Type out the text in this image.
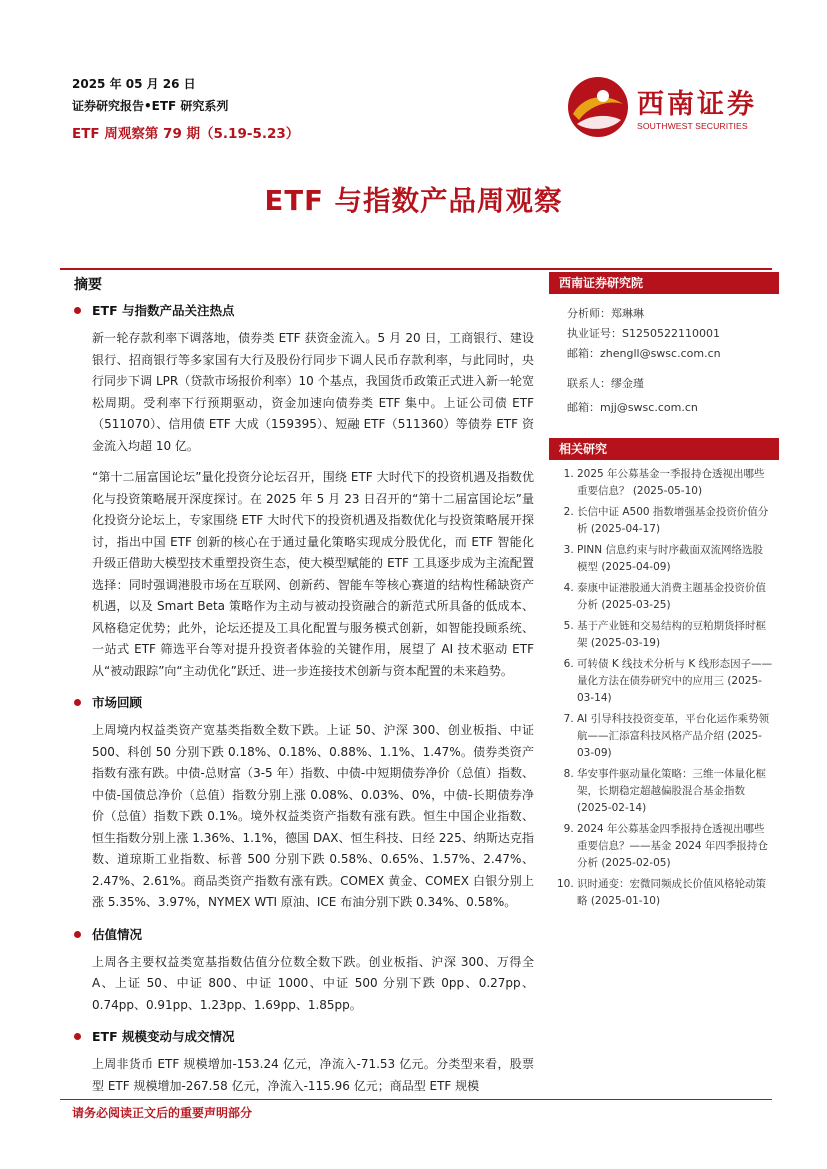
2025 年 05 月 26 日
证券研究报告•ETF 研究系列
ETF 周观察第 79 期（5.19-5.23）
西南证券
SOUTHWEST SECURITIES
ETF 与指数产品周观察
摘要
ETF 与指数产品关注热点

新一轮存款利率下调落地，债券类 ETF 获资金流入。5 月 20 日，工商银行、建设银行、招商银行等多家国有大行及股份行同步下调人民币存款利率，与此同时，央行同步下调 LPR（贷款市场报价利率）10 个基点，我国货币政策正式进入新一轮宽松周期。受利率下行预期驱动，资金加速向债券类 ETF 集中。上证公司债 ETF（511070）、信用债 ETF 大成（159395）、短融 ETF（511360）等债券 ETF 资金流入均超 10 亿。

“第十二届富国论坛”量化投资分论坛召开，围绕 ETF 大时代下的投资机遇及指数优化与投资策略展开深度探讨。在 2025 年 5 月 23 日召开的“第十二届富国论坛”量化投资分论坛上，专家围绕 ETF 大时代下的投资机遇及指数优化与投资策略展开探讨，指出中国 ETF 创新的核心在于通过量化策略实现成分股优化，而 ETF 智能化升级正借助大模型技术重塑投资生态，使大模型赋能的 ETF 工具逐步成为主流配置选择：同时强调港股市场在互联网、创新药、智能车等核心赛道的结构性稀缺资产机遇，以及 Smart Beta 策略作为主动与被动投资融合的新范式所具备的低成本、风格稳定优势；此外，论坛还提及工具化配置与服务模式创新，如智能投顾系统、一站式 ETF 筛选平台等对提升投资者体验的关键作用，展望了 AI 技术驱动 ETF 从“被动跟踪”向“主动优化”跃迁、进一步连接技术创新与资本配置的未来趋势。

市场回顾

上周境内权益类资产宽基类指数全数下跌。上证 50、沪深 300、创业板指、中证 500、科创 50 分别下跌 0.18%、0.18%、0.88%、1.1%、1.47%。债券类资产指数有涨有跌。中债-总财富（3-5 年）指数、中债-中短期债券净价（总值）指数、中债-国债总净价（总值）指数分别上涨 0.08%、0.03%、0%，中债-长期债券净价（总值）指数下跌 0.1%。境外权益类资产指数有涨有跌。恒生中国企业指数、恒生指数分别上涨 1.36%、1.1%，德国 DAX、恒生科技、日经 225、纳斯达克指数、道琼斯工业指数、标普 500 分别下跌 0.58%、0.65%、1.57%、2.47%、2.47%、2.61%。商品类资产指数有涨有跌。COMEX 黄金、COMEX 白银分别上涨 5.35%、3.97%，NYMEX WTI 原油、ICE 布油分别下跌 0.34%、0.58%。

估值情况

上周各主要权益类宽基指数估值分位数全数下跌。创业板指、沪深 300、万得全 A、上证 50、中证 800、中证 1000、中证 500 分别下跌 0pp、0.27pp、0.74pp、0.91pp、1.23pp、1.69pp、1.85pp。

ETF 规模变动与成交情况

上周非货币 ETF 规模增加-153.24 亿元，净流入-71.53 亿元。分类型来看，股票型 ETF 规模增加-267.58 亿元，净流入-115.96 亿元；商品型 ETF 规模

西南证券研究院
分析师：郑琳琳
执业证号：S1250522110001
邮箱：zhengll@swsc.com.cn
联系人：缪金瑾
邮箱：mjj@swsc.com.cn
相关研究
1. 2025 年公募基金一季报持仓透视出哪些重要信息？ (2025-05-10)
2. 长信中证 A500 指数增强基金投资价值分析 (2025-04-17)
3. PINN 信息约束与时序截面双流网络选股模型 (2025-04-09)
4. 泰康中证港股通大消费主题基金投资价值分析 (2025-03-25)
5. 基于产业链和交易结构的豆粕期货择时框架 (2025-03-19)
6. 可转债 K 线技术分析与 K 线形态因子——量化方法在债券研究中的应用三 (2025-03-14)
7. AI 引导科技投资变革，平台化运作乘势领航——汇添富科技风格产品介绍 (2025-03-09)
8. 华安事件驱动量化策略：三维一体量化框架，长期稳定超越偏股混合基金指数 (2025-02-14)
9. 2024 年公募基金四季报持仓透视出哪些重要信息？——基金 2024 年四季报持仓分析 (2025-02-05)
10. 识时通变：宏微同频成长价值风格轮动策略 (2025-01-10)
请务必阅读正文后的重要声明部分
